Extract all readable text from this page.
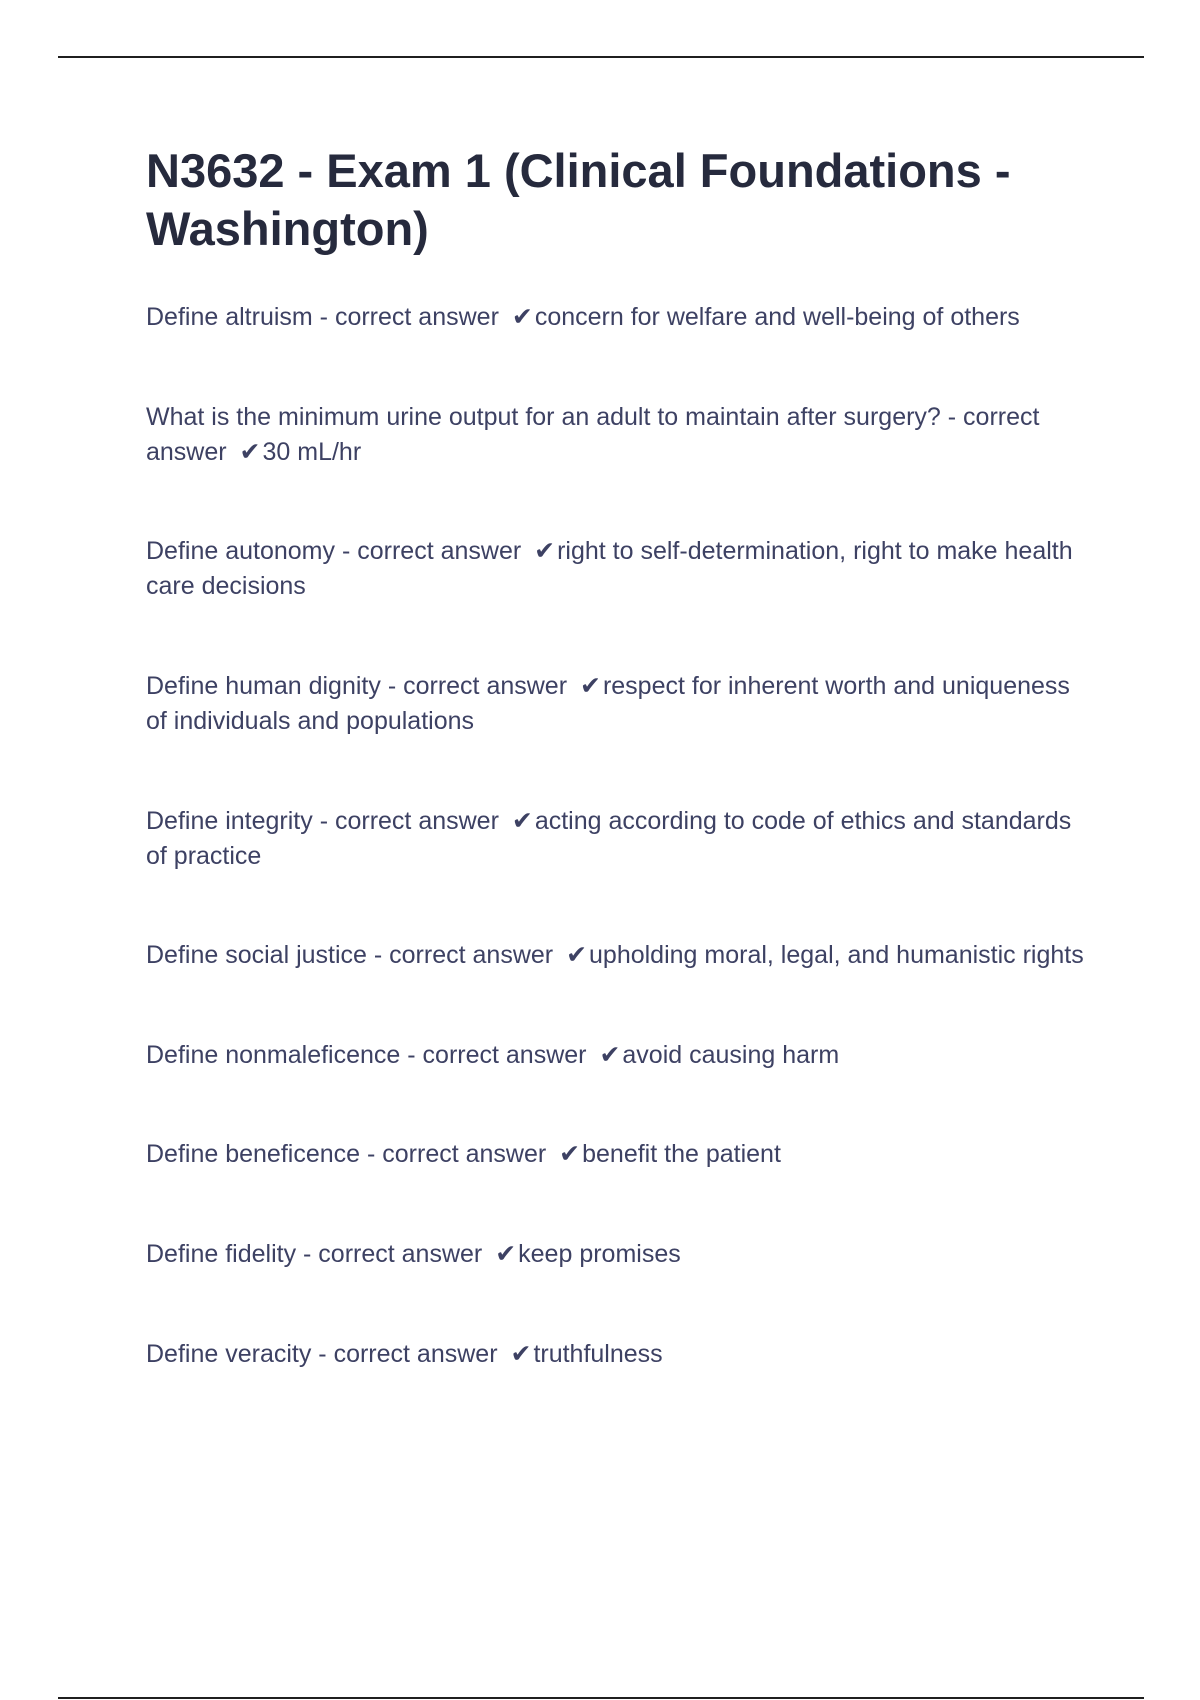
N3632 - Exam 1 (Clinical Foundations - Washington)
Define altruism - correct answer ✔concern for welfare and well-being of others
What is the minimum urine output for an adult to maintain after surgery? - correct answer ✔30 mL/hr
Define autonomy - correct answer ✔right to self-determination, right to make health care decisions
Define human dignity - correct answer ✔respect for inherent worth and uniqueness of individuals and populations
Define integrity - correct answer ✔acting according to code of ethics and standards of practice
Define social justice - correct answer ✔upholding moral, legal, and humanistic rights
Define nonmaleficence - correct answer ✔avoid causing harm
Define beneficence - correct answer ✔benefit the patient
Define fidelity - correct answer ✔keep promises
Define veracity - correct answer ✔truthfulness
